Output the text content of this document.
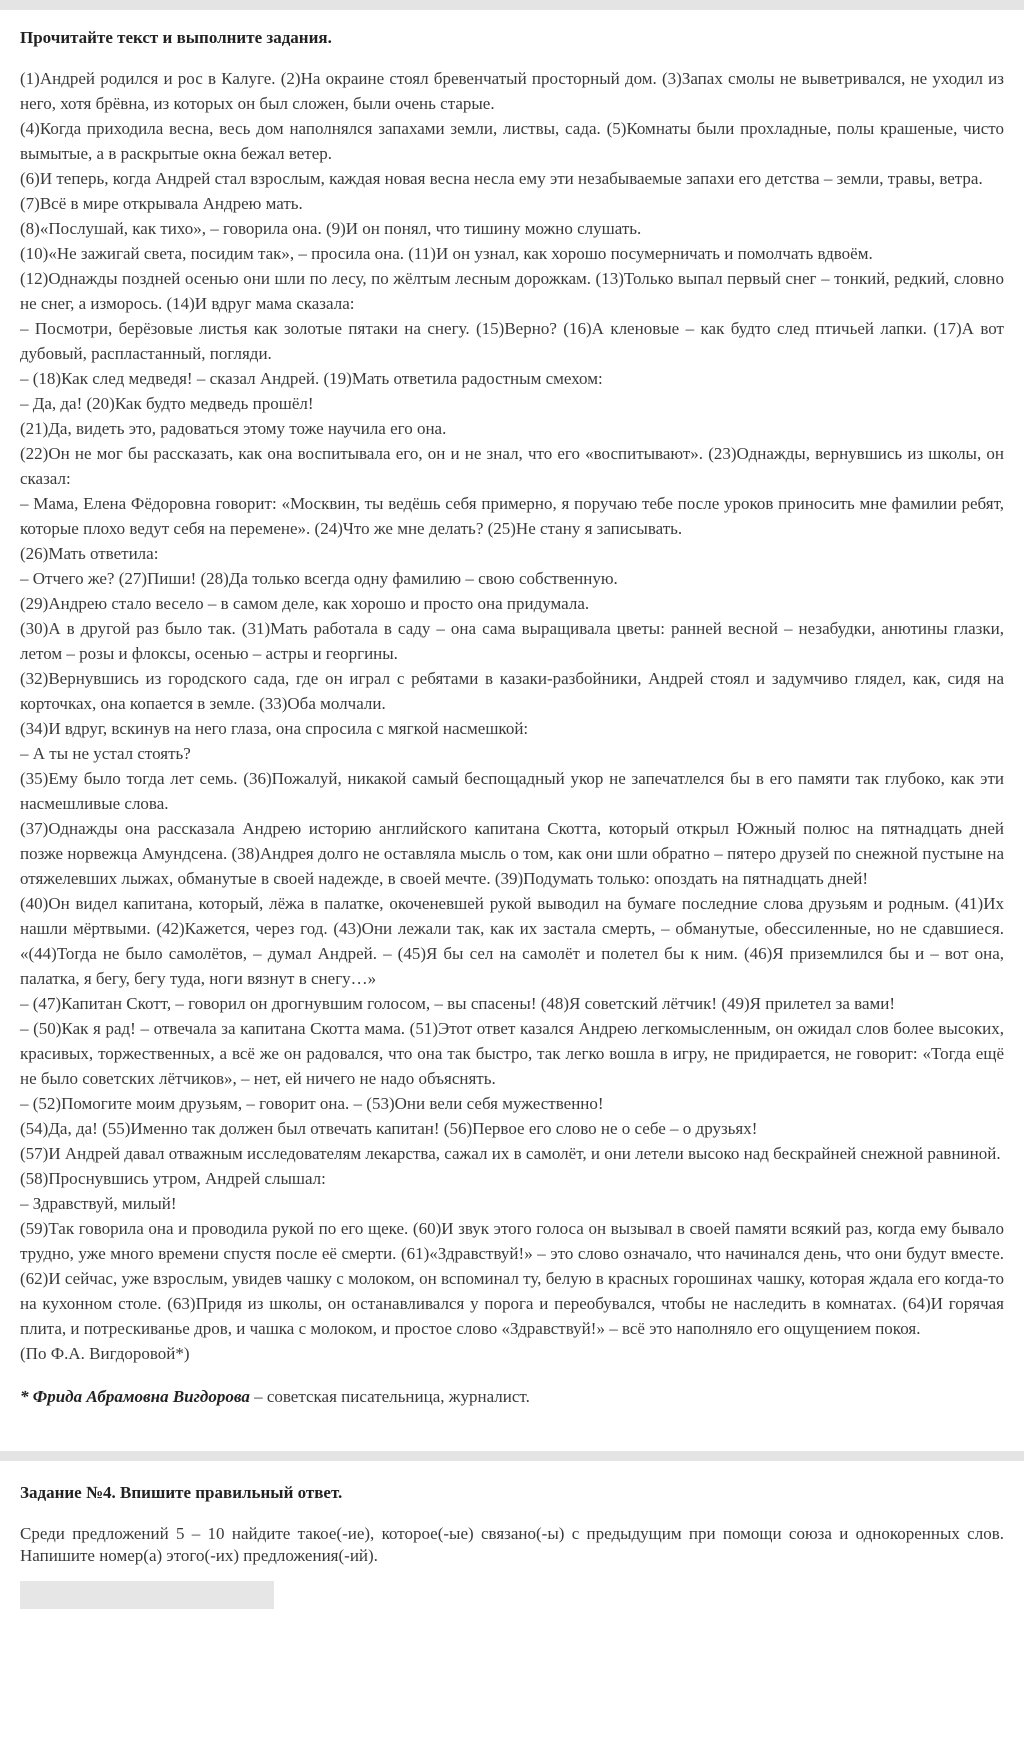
Прочитайте текст и выполните задания.

(1)Андрей родился и рос в Калуге. (2)На окраине стоял бревенчатый просторный дом. (3)Запах смолы не выветривался, не уходил из него, хотя брёвна, из которых он был сложен, были очень старые.

(4)Когда приходила весна, весь дом наполнялся запахами земли, листвы, сада. (5)Комнаты были прохладные, полы крашеные, чисто вымытые, а в раскрытые окна бежал ветер.

(6)И теперь, когда Андрей стал взрослым, каждая новая весна несла ему эти незабываемые запахи его детства – земли, травы, ветра.

(7)Всё в мире открывала Андрею мать.

(8)«Послушай, как тихо», – говорила она. (9)И он понял, что тишину можно слушать.

(10)«Не зажигай света, посидим так», – просила она. (11)И он узнал, как хорошо посумерничать и помолчать вдвоём.

(12)Однажды поздней осенью они шли по лесу, по жёлтым лесным дорожкам. (13)Только выпал первый снег – тонкий, редкий, словно не снег, а изморось. (14)И вдруг мама сказала:

– Посмотри, берёзовые листья как золотые пятаки на снегу. (15)Верно? (16)А кленовые – как будто след птичьей лапки. (17)А вот дубовый, распластанный, погляди.

– (18)Как след медведя! – сказал Андрей. (19)Мать ответила радостным смехом:

– Да, да! (20)Как будто медведь прошёл!

(21)Да, видеть это, радоваться этому тоже научила его она.

(22)Он не мог бы рассказать, как она воспитывала его, он и не знал, что его «воспитывают». (23)Однажды, вернувшись из школы, он сказал:

– Мама, Елена Фёдоровна говорит: «Москвин, ты ведёшь себя примерно, я поручаю тебе после уроков приносить мне фамилии ребят, которые плохо ведут себя на перемене». (24)Что же мне делать? (25)Не стану я записывать.

(26)Мать ответила:

– Отчего же? (27)Пиши! (28)Да только всегда одну фамилию – свою собственную.

(29)Андрею стало весело – в самом деле, как хорошо и просто она придумала.

(30)А в другой раз было так. (31)Мать работала в саду – она сама выращивала цветы: ранней весной – незабудки, анютины глазки, летом – розы и флоксы, осенью – астры и георгины.

(32)Вернувшись из городского сада, где он играл с ребятами в казаки-разбойники, Андрей стоял и задумчиво глядел, как, сидя на корточках, она копается в земле. (33)Оба молчали.

(34)И вдруг, вскинув на него глаза, она спросила с мягкой насмешкой:

– А ты не устал стоять?

(35)Ему было тогда лет семь. (36)Пожалуй, никакой самый беспощадный укор не запечатлелся бы в его памяти так глубоко, как эти насмешливые слова.

(37)Однажды она рассказала Андрею историю английского капитана Скотта, который открыл Южный полюс на пятнадцать дней позже норвежца Амундсена. (38)Андрея долго не оставляла мысль о том, как они шли обратно – пятеро друзей по снежной пустыне на отяжелевших лыжах, обманутые в своей надежде, в своей мечте. (39)Подумать только: опоздать на пятнадцать дней!

(40)Он видел капитана, который, лёжа в палатке, окоченевшей рукой выводил на бумаге последние слова друзьям и родным. (41)Их нашли мёртвыми. (42)Кажется, через год. (43)Они лежали так, как их застала смерть, – обманутые, обессиленные, но не сдавшиеся. «(44)Тогда не было самолётов, – думал Андрей. – (45)Я бы сел на самолёт и полетел бы к ним. (46)Я приземлился бы и – вот она, палатка, я бегу, бегу туда, ноги вязнут в снегу…»

– (47)Капитан Скотт, – говорил он дрогнувшим голосом, – вы спасены! (48)Я советский лётчик! (49)Я прилетел за вами!

– (50)Как я рад! – отвечала за капитана Скотта мама. (51)Этот ответ казался Андрею легкомысленным, он ожидал слов более высоких, красивых, торжественных, а всё же он радовался, что она так быстро, так легко вошла в игру, не придирается, не говорит: «Тогда ещё не было советских лётчиков», – нет, ей ничего не надо объяснять.

– (52)Помогите моим друзьям, – говорит она. – (53)Они вели себя мужественно!

(54)Да, да! (55)Именно так должен был отвечать капитан! (56)Первое его слово не о себе – о друзьях!

(57)И Андрей давал отважным исследователям лекарства, сажал их в самолёт, и они летели высоко над бескрайней снежной равниной.

(58)Проснувшись утром, Андрей слышал:

– Здравствуй, милый!

(59)Так говорила она и проводила рукой по его щеке. (60)И звук этого голоса он вызывал в своей памяти всякий раз, когда ему бывало трудно, уже много времени спустя после её смерти. (61)«Здравствуй!» – это слово означало, что начинался день, что они будут вместе. (62)И сейчас, уже взрослым, увидев чашку с молоком, он вспоминал ту, белую в красных горошинах чашку, которая ждала его когда-то на кухонном столе. (63)Придя из школы, он останавливался у порога и переобувался, чтобы не наследить в комнатах. (64)И горячая плита, и потрескиванье дров, и чашка с молоком, и простое слово «Здравствуй!» – всё это наполняло его ощущением покоя.

(По Ф.А. Вигдоровой*)

* Фрида Абрамовна Вигдорова – советская писательница, журналист.
Задание №4. Впишите правильный ответ.
Среди предложений 5 – 10 найдите такое(-ие), которое(-ые) связано(-ы) с предыдущим при помощи союза и однокоренных слов. Напишите номер(а) этого(-их) предложения(-ий).
